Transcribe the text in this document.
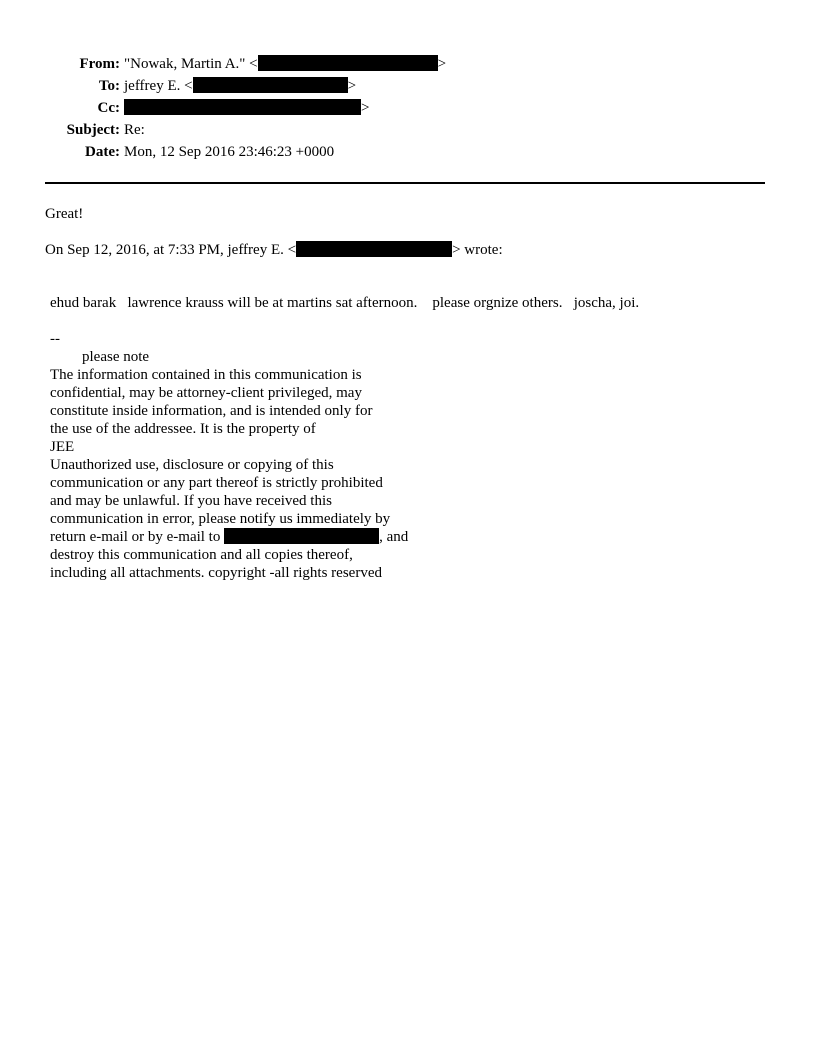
From: "Nowak, Martin A." <	>
To: jeffrey E. <	>
Cc:	>
Subject: Re:
Date: Mon, 12 Sep 2016 23:46:23 +0000
Great!
On Sep 12, 2016, at 7:33 PM, jeffrey E. <	> wrote:
ehud barak   lawrence krauss will be at martins sat afternoon.    please orgnize others.   joscha, joi.
--
please note
The information contained in this communication is
confidential, may be attorney-client privileged, may
constitute inside information, and is intended only for
the use of the addressee. It is the property of
JEE
Unauthorized use, disclosure or copying of this
communication or any part thereof is strictly prohibited
and may be unlawful. If you have received this
communication in error, please notify us immediately by
return e-mail or by e-mail to	, and
destroy this communication and all copies thereof,
including all attachments. copyright -all rights reserved
